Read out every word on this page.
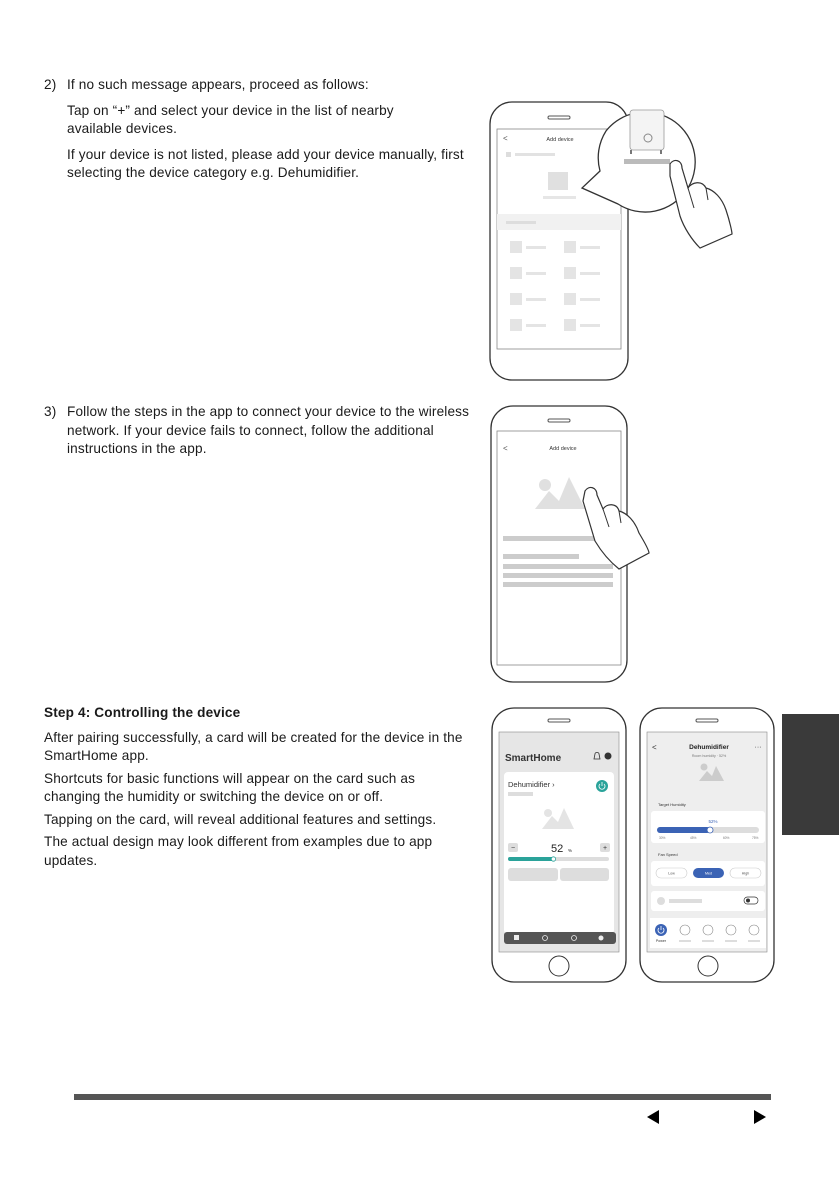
2) If no such message appears, proceed as follows:

Tap on “+” and select your device in the list of nearby available devices.

If your device is not listed, please add your device manually, first selecting the device category e.g. Dehumidifier.

3) Follow the steps in the app to connect your device to the wireless network. If your device fails to connect, follow the additional instructions in the app.

Step 4: Controlling the device

After pairing successfully, a card will be created for the device in the SmartHome app.

Shortcuts for basic functions will appear on the card such as changing the humidity or switching the device on or off.

Tapping on the card, will reveal additional features and settings.

The actual design may look different from examples due to app updates.

<	Add device
<	Add device
SmartHome
Dehumidifier ›
−	52 %	+
<	Dehumidifier	···
Room humidity · 52%
Target Humidity
52%
30%	45%	60%	75%
Fan Speed
Low	Med	High
Power
